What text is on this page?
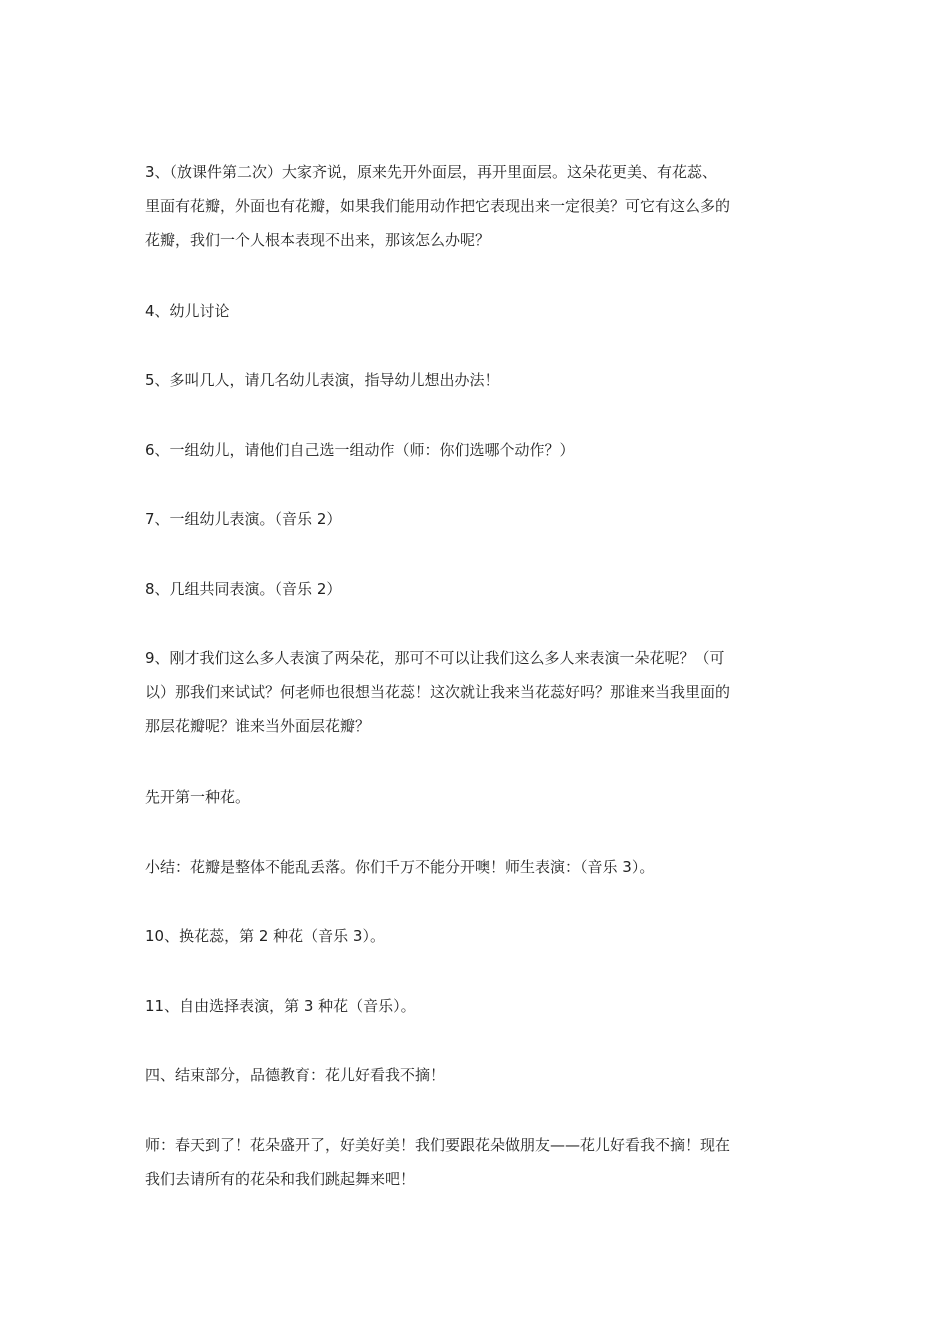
3、（放课件第二次）大家齐说，原来先开外面层，再开里面层。这朵花更美、有花蕊、
里面有花瓣，外面也有花瓣，如果我们能用动作把它表现出来一定很美？可它有这么多的
花瓣，我们一个人根本表现不出来，那该怎么办呢？

4、幼儿讨论

5、多叫几人，请几名幼儿表演，指导幼儿想出办法！

6、一组幼儿，请他们自己选一组动作（师：你们选哪个动作？）

7、一组幼儿表演。（音乐 2）

8、几组共同表演。（音乐 2）

9、刚才我们这么多人表演了两朵花，那可不可以让我们这么多人来表演一朵花呢？（可
以）那我们来试试？何老师也很想当花蕊！这次就让我来当花蕊好吗？那谁来当我里面的
那层花瓣呢？谁来当外面层花瓣？

先开第一种花。

小结：花瓣是整体不能乱丢落。你们千万不能分开噢！师生表演：（音乐 3）。

10、换花蕊，第 2 种花（音乐 3）。

11、自由选择表演，第 3 种花（音乐）。

四、结束部分，品德教育：花儿好看我不摘！

师：春天到了！花朵盛开了，好美好美！我们要跟花朵做朋友——花儿好看我不摘！现在
我们去请所有的花朵和我们跳起舞来吧！
